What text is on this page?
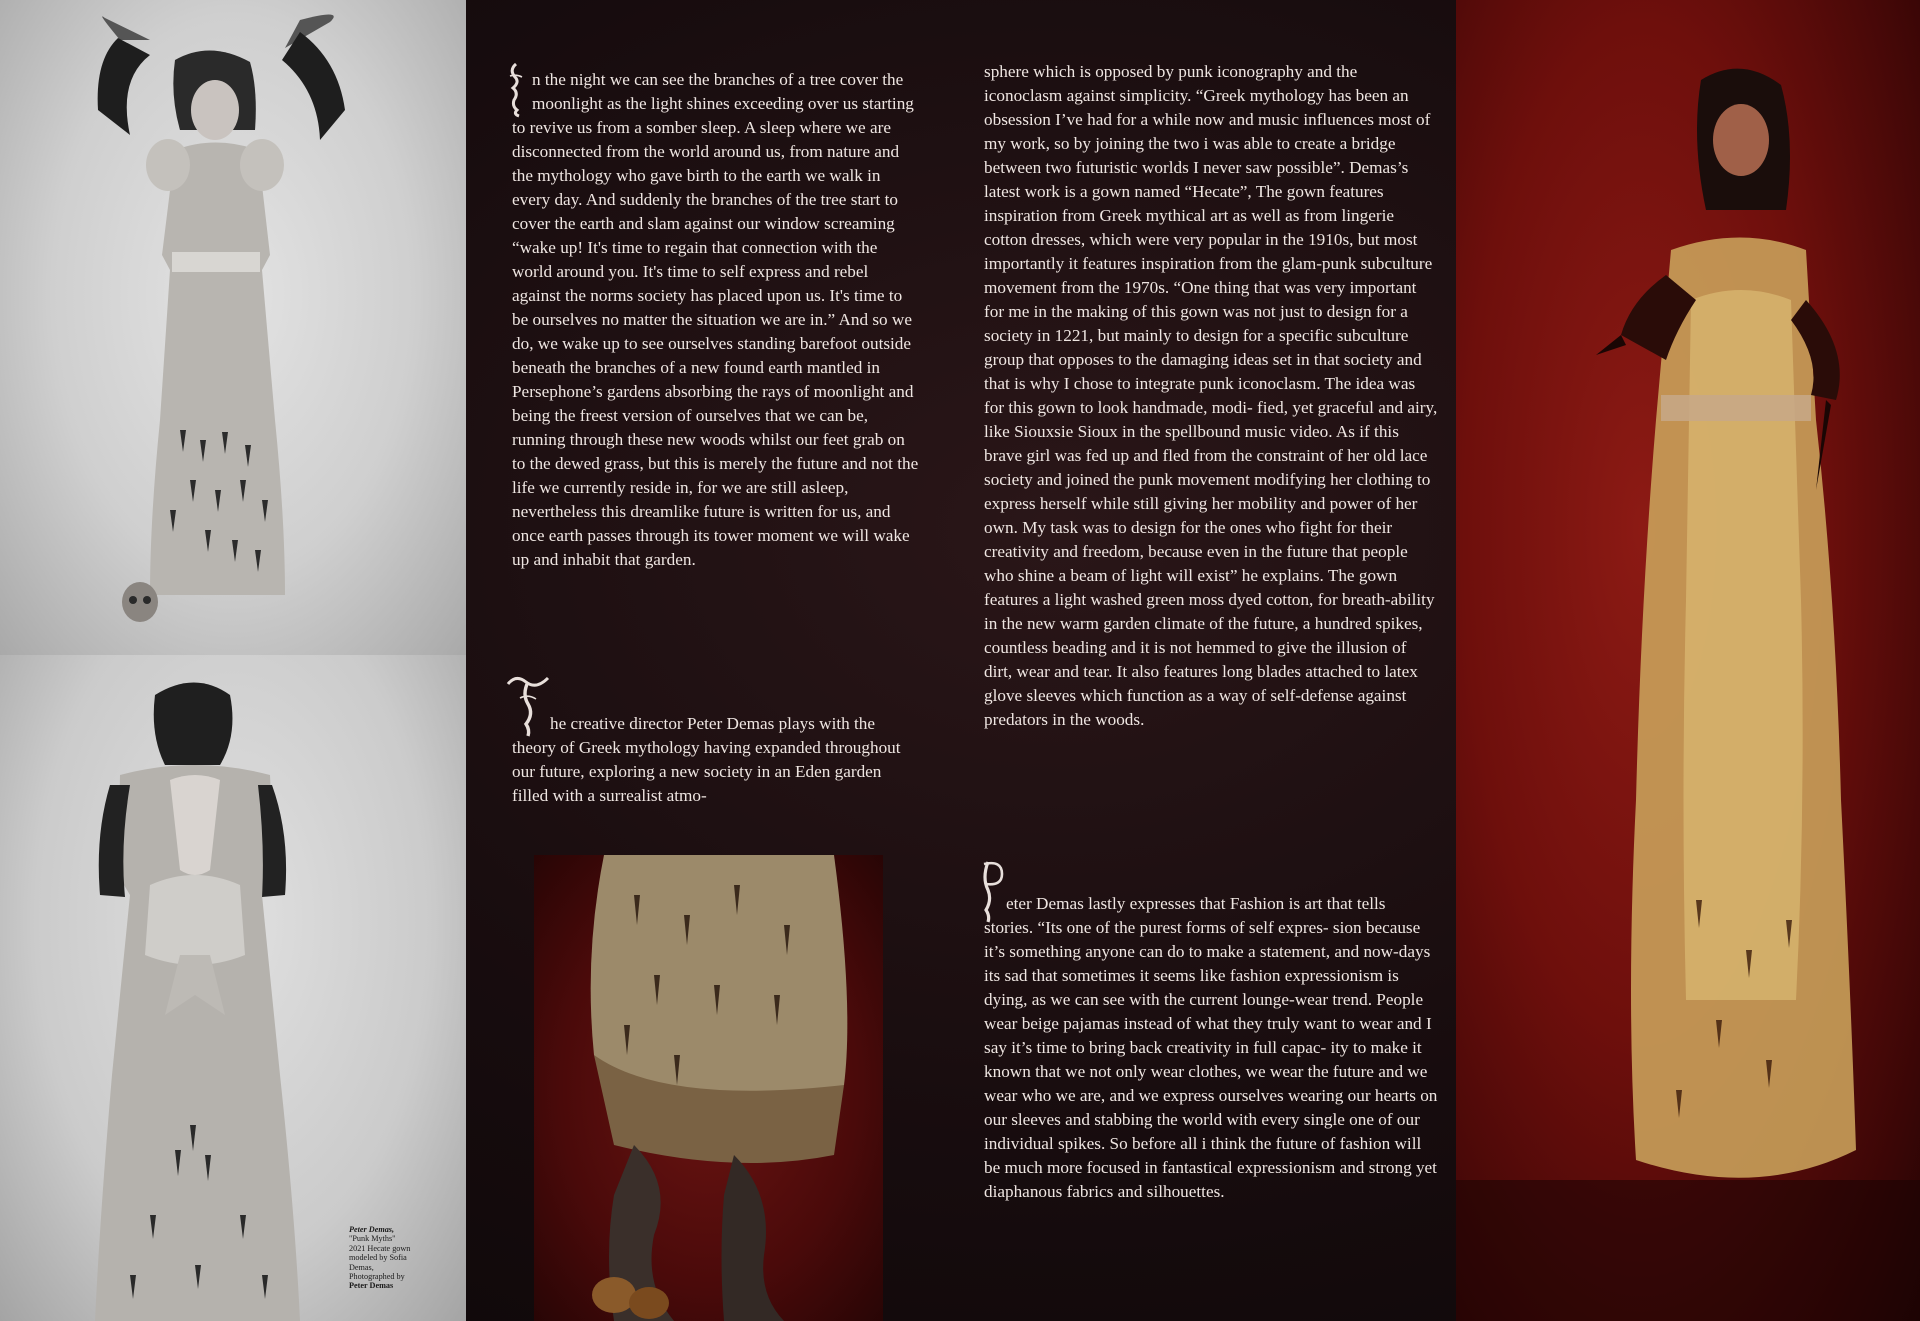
Peter Demas,
"Punk Myths"
2021 Hecate gown
modeled by Sofia
Demas,
Photographed by
Peter Demas

n the night we can see the branches of a tree cover the moonlight as the light shines exceeding over us starting to revive us from a somber sleep. A sleep where we are disconnected from the world around us, from nature and the mythology who gave birth to the earth we walk in every day. And suddenly the branches of the tree start to cover the earth and slam against our window screaming “wake up! It's time to regain that connection with the world around you. It's time to self express and rebel against the norms society has placed upon us. It's time to be ourselves no matter the situation we are in.” And so we do, we wake up to see ourselves standing barefoot outside beneath the branches of a new found earth mantled in Persephone’s gardens absorbing the rays of moonlight and being the freest version of ourselves that we can be, running through these new woods whilst our feet grab on to the dewed grass, but this is merely the future and not the life we currently reside in, for we are still asleep, nevertheless this dreamlike future is written for us, and once earth passes through its tower moment we will wake up and inhabit that garden.

he creative director Peter Demas plays with the theory of Greek mythology having expanded throughout our future, exploring a new society in an Eden garden filled with a surrealist atmo-

sphere which is opposed by punk iconography and the iconoclasm against simplicity. “Greek mythology has been an obsession I’ve had for a while now and music influences most of my work, so by joining the two i was able to create a bridge between two futuristic worlds I never saw possible”. Demas’s latest work is a gown named “Hecate”, The gown features inspiration from Greek mythical art as well as from lingerie cotton dresses, which were very popular in the 1910s, but most importantly it features inspiration from the glam-punk subculture movement from the 1970s. “One thing that was very important for me in the making of this gown was not just to design for a society in 1221, but mainly to design for a specific subculture group that opposes to the damaging ideas set in that society and that is why I chose to integrate punk iconoclasm. The idea was for this gown to look handmade, modi- fied, yet graceful and airy, like Siouxsie Sioux in the spellbound music video. As if this brave girl was fed up and fled from the constraint of her old lace society and joined the punk movement modifying her clothing to express herself while still giving her mobility and power of her own. My task was to design for the ones who fight for their creativity and freedom, because even in the future that people who shine a beam of light will exist” he explains. The gown features a light washed green moss dyed cotton, for breath-ability in the new warm garden climate of the future, a hundred spikes, countless beading and it is not hemmed to give the illusion of dirt, wear and tear. It also features long blades attached to latex glove sleeves which function as a way of self-defense against predators in the woods.

eter Demas lastly expresses that Fashion is art that tells stories. “Its one of the purest forms of self expres- sion because it’s something anyone can do to make a statement, and now-days its sad that sometimes it seems like fashion expressionism is dying, as we can see with the current lounge-wear trend. People wear beige pajamas instead of what they truly want to wear and I say it’s time to bring back creativity in full capac- ity to make it known that we not only wear clothes, we wear the future and we wear who we are, and we express ourselves wearing our hearts on our sleeves and stabbing the world with every single one of our individual spikes. So before all i think the future of fashion will be much more focused in fantastical expressionism and strong yet diaphanous fabrics and silhouettes.
